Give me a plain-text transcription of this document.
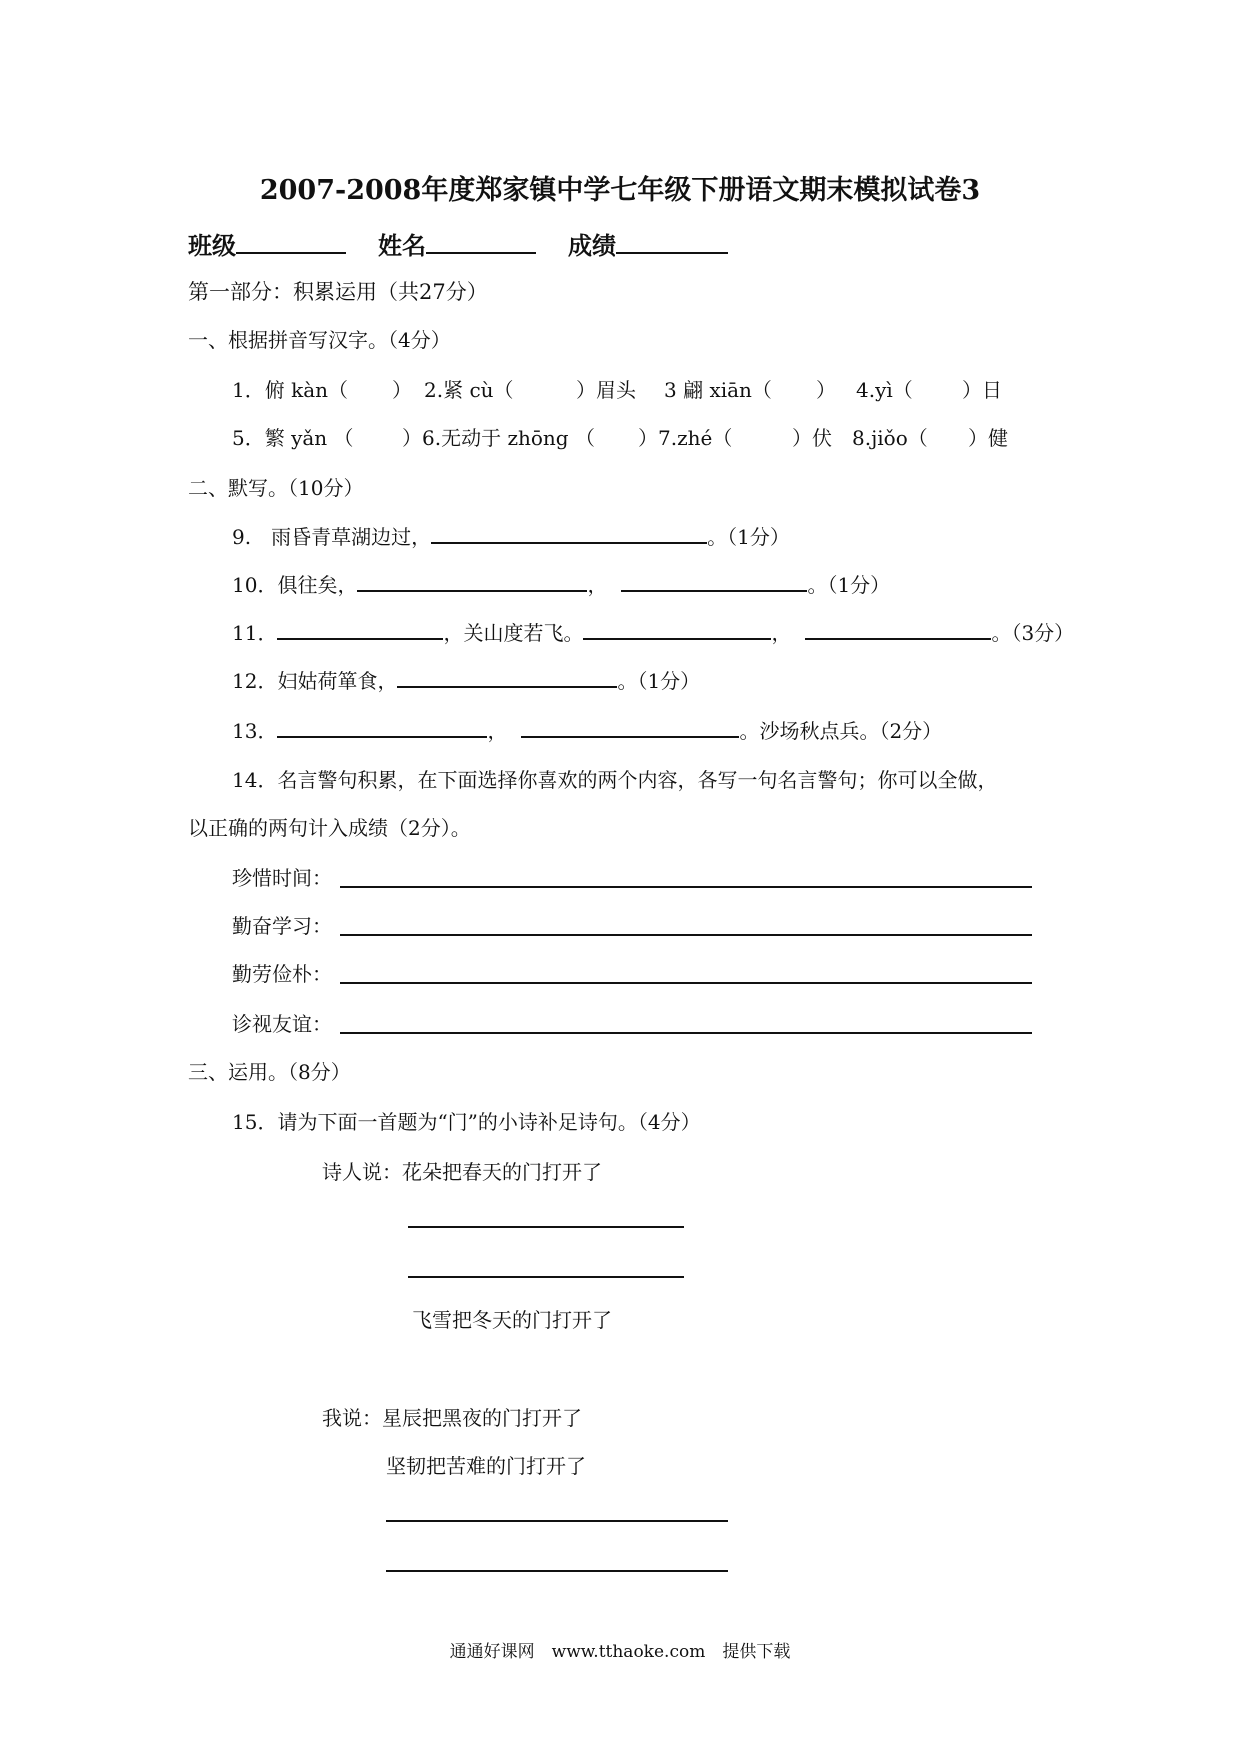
2007-2008年度郑家镇中学七年级下册语文期末模拟试卷3
班级	姓名	成绩
第一部分：积累运用（共27分）
一、根据拼音写汉字。（4分）
1．俯 kàn（ ） 2.紧 cù（	）眉头 3 翩 xiān（ ） 4.yì（ ）日
5．繁 yǎn （ ）6.无动于 zhōng （ ）7.zhé（	）伏 8.jiǒo（ ）健
二、默写。（10分）
9.　雨昏青草湖边过，	。（1分）
10．俱往矣，	，	。（1分）
11．	，关山度若飞。	，	。（3分）
12．妇姑荷箪食，	。（1分）
13．	，	。沙场秋点兵。（2分）
14．名言警句积累，在下面选择你喜欢的两个内容，各写一句名言警句；你可以全做，
以正确的两句计入成绩（2分）。
珍惜时间：
勤奋学习：
勤劳俭朴：
诊视友谊：
三、运用。（8分）
15．请为下面一首题为“门”的小诗补足诗句。（4分）
诗人说：花朵把春天的门打开了
飞雪把冬天的门打开了
我说：星辰把黑夜的门打开了
坚韧把苦难的门打开了
通通好课网　www.tthaoke.com　提供下载
